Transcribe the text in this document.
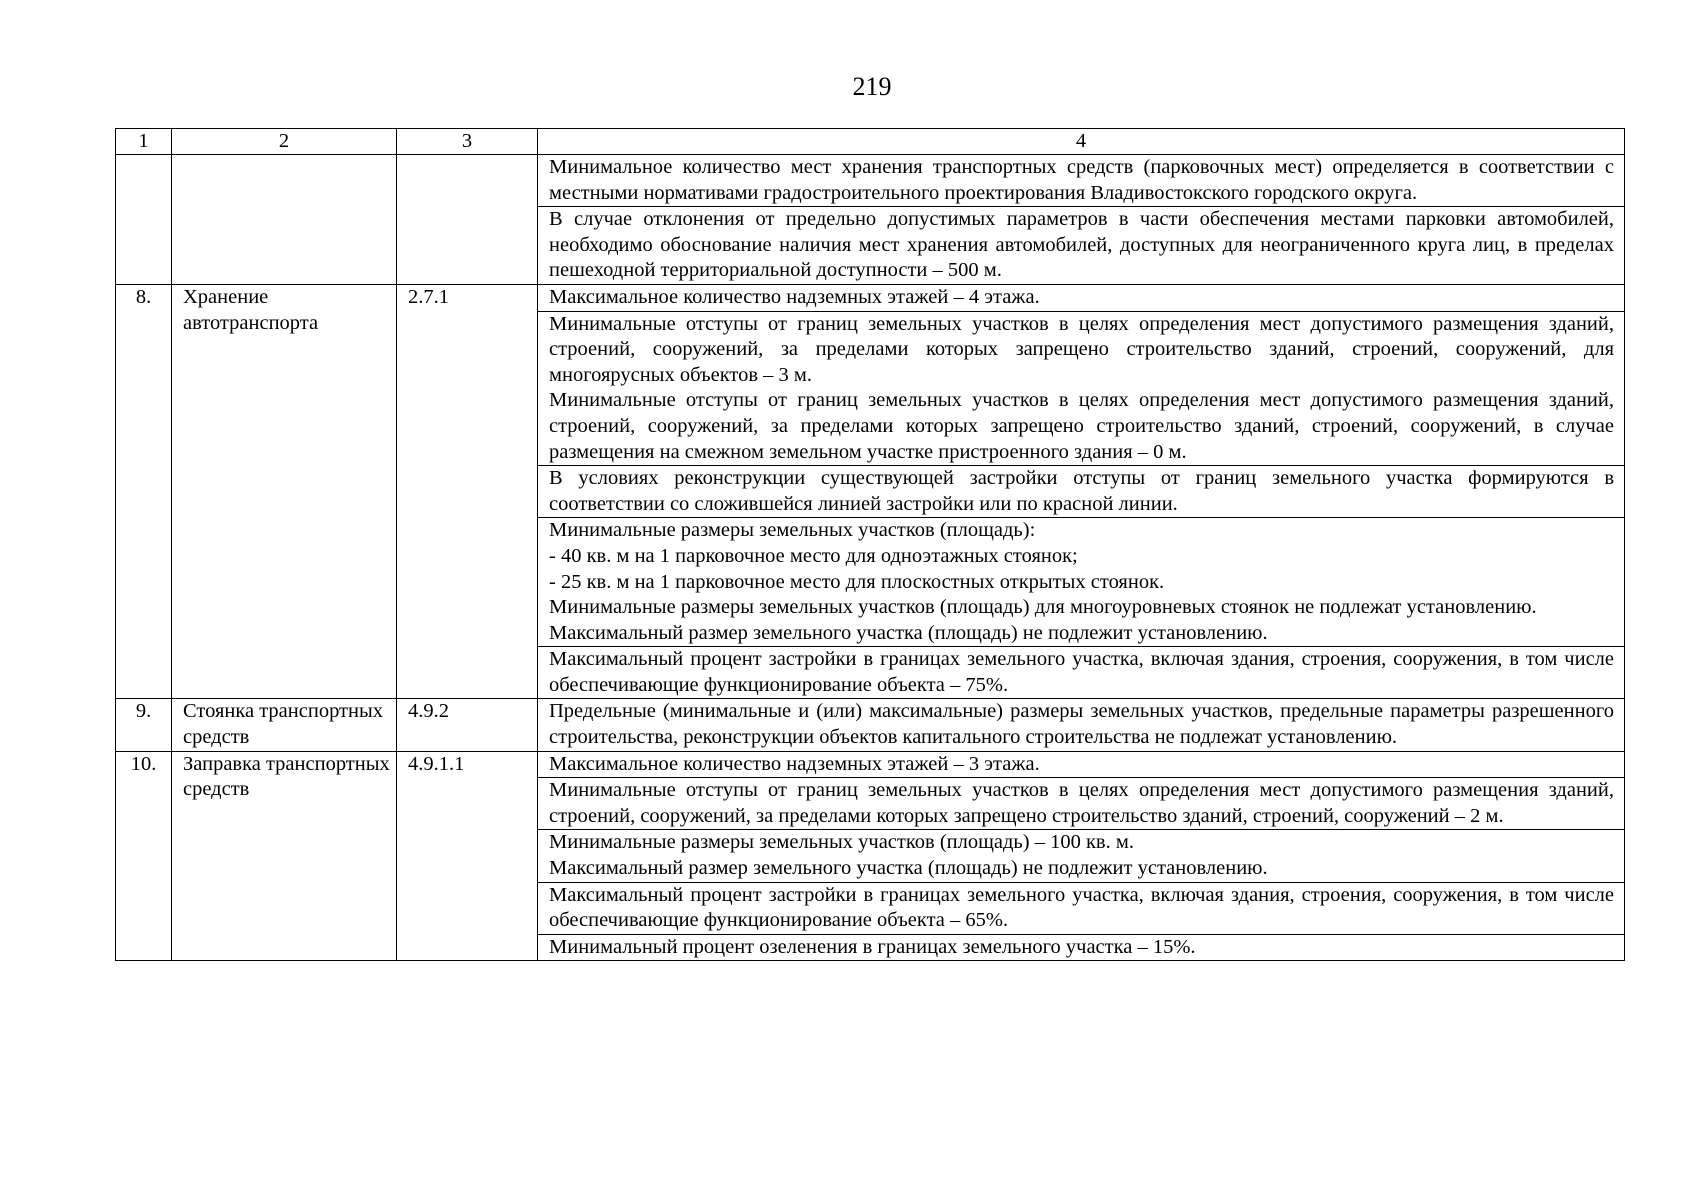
219
1	2	3	4

			Минимальное количество мест хранения транспортных средств (парковочных мест) определяется в соответствии с местными нормативами градостроительного проектирования Владивостокского городского округа.

			В случае отклонения от предельно допустимых параметров в части обеспечения местами парковки автомобилей, необходимо обоснование наличия мест хранения автомобилей, доступных для неограниченного круга лиц, в пределах пешеходной территориальной доступности – 500 м.

8.	Хранение автотранспорта	2.7.1	Максимальное количество надземных этажей – 4 этажа.

			Минимальные отступы от границ земельных участков в целях определения мест допустимого размещения зданий, строений, сооружений, за пределами которых запрещено строительство зданий, строений, сооружений, для многоярусных объектов – 3 м.
Минимальные отступы от границ земельных участков в целях определения мест допустимого размещения зданий, строений, сооружений, за пределами которых запрещено строительство зданий, строений, сооружений, в случае размещения на смежном земельном участке пристроенного здания – 0 м.

			В условиях реконструкции существующей застройки отступы от границ земельного участка формируются в соответствии со сложившейся линией застройки или по красной линии.

			Минимальные размеры земельных участков (площадь):
- 40 кв. м на 1 парковочное место для одноэтажных стоянок;
- 25 кв. м на 1 парковочное место для плоскостных открытых стоянок.
Минимальные размеры земельных участков (площадь) для многоуровневых стоянок не подлежат установлению.
Максимальный размер земельного участка (площадь) не подлежит установлению.

			Максимальный процент застройки в границах земельного участка, включая здания, строения, сооружения, в том числе обеспечивающие функционирование объекта – 75%.

9.	Стоянка транспортных средств	4.9.2	Предельные (минимальные и (или) максимальные) размеры земельных участков, предельные параметры разрешенного строительства, реконструкции объектов капитального строительства не подлежат установлению.

10.	Заправка транспортных средств	4.9.1.1	Максимальное количество надземных этажей – 3 этажа.

			Минимальные отступы от границ земельных участков в целях определения мест допустимого размещения зданий, строений, сооружений, за пределами которых запрещено строительство зданий, строений, сооружений – 2 м.

			Минимальные размеры земельных участков (площадь) – 100 кв. м.
Максимальный размер земельного участка (площадь) не подлежит установлению.

			Максимальный процент застройки в границах земельного участка, включая здания, строения, сооружения, в том числе обеспечивающие функционирование объекта – 65%.

			Минимальный процент озеленения в границах земельного участка – 15%.
